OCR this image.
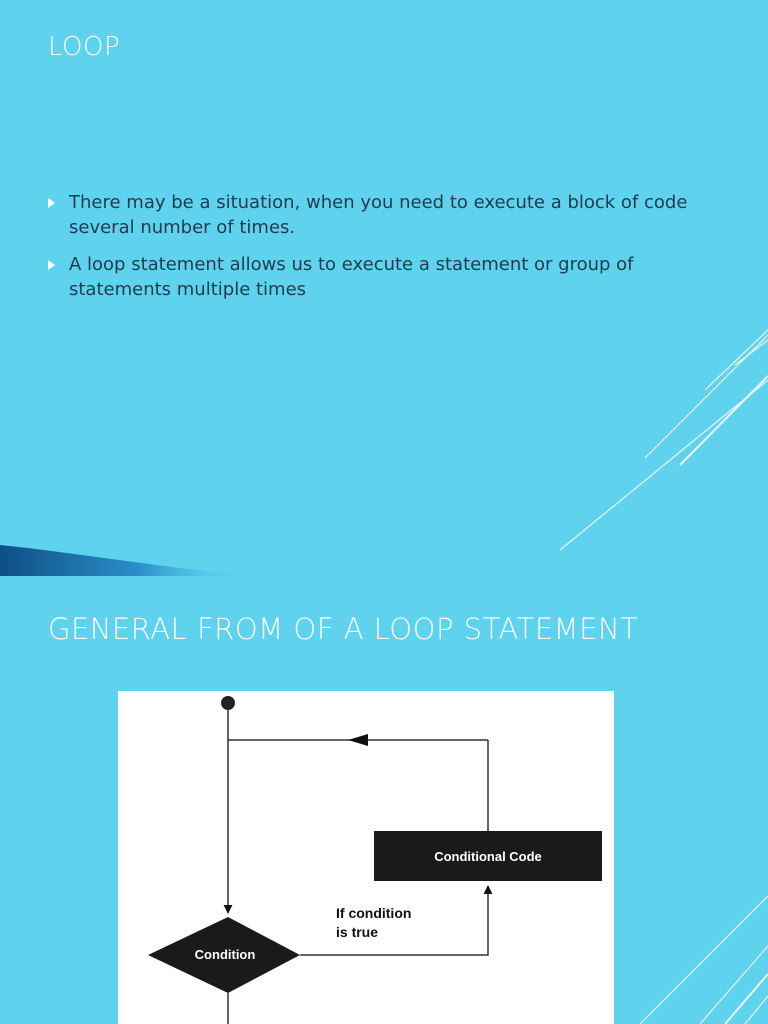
LOOP
There may be a situation, when you need to execute a block of code several number of times.
A loop statement allows us to execute a statement or group of statements multiple times
GENERAL FROM OF A LOOP STATEMENT
Conditional Code
Condition
If condition
is true
